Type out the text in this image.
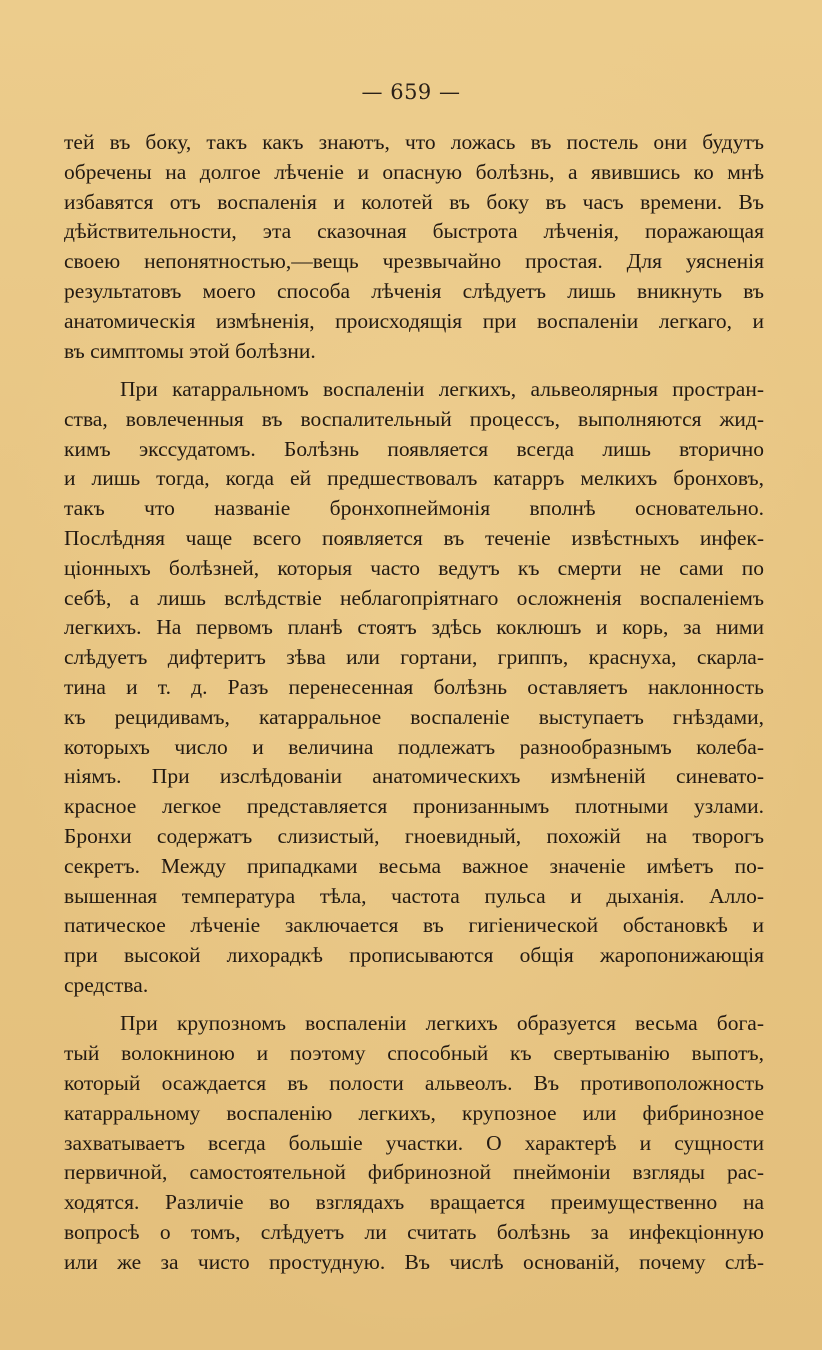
— 659 —
тей въ боку, такъ какъ знаютъ, что ложась въ постель они будутъ
обречены на долгое лѣченіе и опасную болѣзнь, а явившись ко мнѣ
избавятся отъ воспаленія и колотей въ боку въ часъ времени. Въ
дѣйствительности, эта сказочная быстрота лѣченія, поражающая
своею непонятностью,—вещь чрезвычайно простая. Для уясненія
результатовъ моего способа лѣченія слѣдуетъ лишь вникнуть въ
анатомическія измѣненія, происходящія при воспаленіи легкаго, и
въ симптомы этой болѣзни.
При катарральномъ воспаленіи легкихъ, альвеолярныя простран-
ства, вовлеченныя въ воспалительный процессъ, выполняются жид-
кимъ экссудатомъ. Болѣзнь появляется всегда лишь вторично
и лишь тогда, когда ей предшествовалъ катарръ мелкихъ бронховъ,
такъ что названіе бронхопнеймонія вполнѣ основательно.
Послѣдняя чаще всего появляется въ теченіе извѣстныхъ инфек-
ціонныхъ болѣзней, которыя часто ведутъ къ смерти не сами по
себѣ, а лишь вслѣдствіе неблагопріятнаго осложненія воспаленіемъ
легкихъ. На первомъ планѣ стоятъ здѣсь коклюшъ и корь, за ними
слѣдуетъ дифтеритъ зѣва или гортани, гриппъ, краснуха, скарла-
тина и т. д. Разъ перенесенная болѣзнь оставляетъ наклонность
къ рецидивамъ, катарральное воспаленіе выступаетъ гнѣздами,
которыхъ число и величина подлежатъ разнообразнымъ колеба-
ніямъ. При изслѣдованіи анатомическихъ измѣненій синевато-
красное легкое представляется пронизаннымъ плотными узлами.
Бронхи содержатъ слизистый, гноевидный, похожій на творогъ
секретъ. Между припадками весьма важное значеніе имѣетъ по-
вышенная температура тѣла, частота пульса и дыханія. Алло-
патическое лѣченіе заключается въ гигіенической обстановкѣ и
при высокой лихорадкѣ прописываются общія жаропонижающія
средства.
При крупозномъ воспаленіи легкихъ образуется весьма бога-
тый волокниною и поэтому способный къ свертыванію выпотъ,
который осаждается въ полости альвеолъ. Въ противоположность
катарральному воспаленію легкихъ, крупозное или фибринозное
захватываетъ всегда большіе участки. О характерѣ и сущности
первичной, самостоятельной фибринозной пнеймоніи взгляды рас-
ходятся. Различіе во взглядахъ вращается преимущественно на
вопросѣ о томъ, слѣдуетъ ли считать болѣзнь за инфекціонную
или же за чисто простудную. Въ числѣ основаній, почему слѣ-
